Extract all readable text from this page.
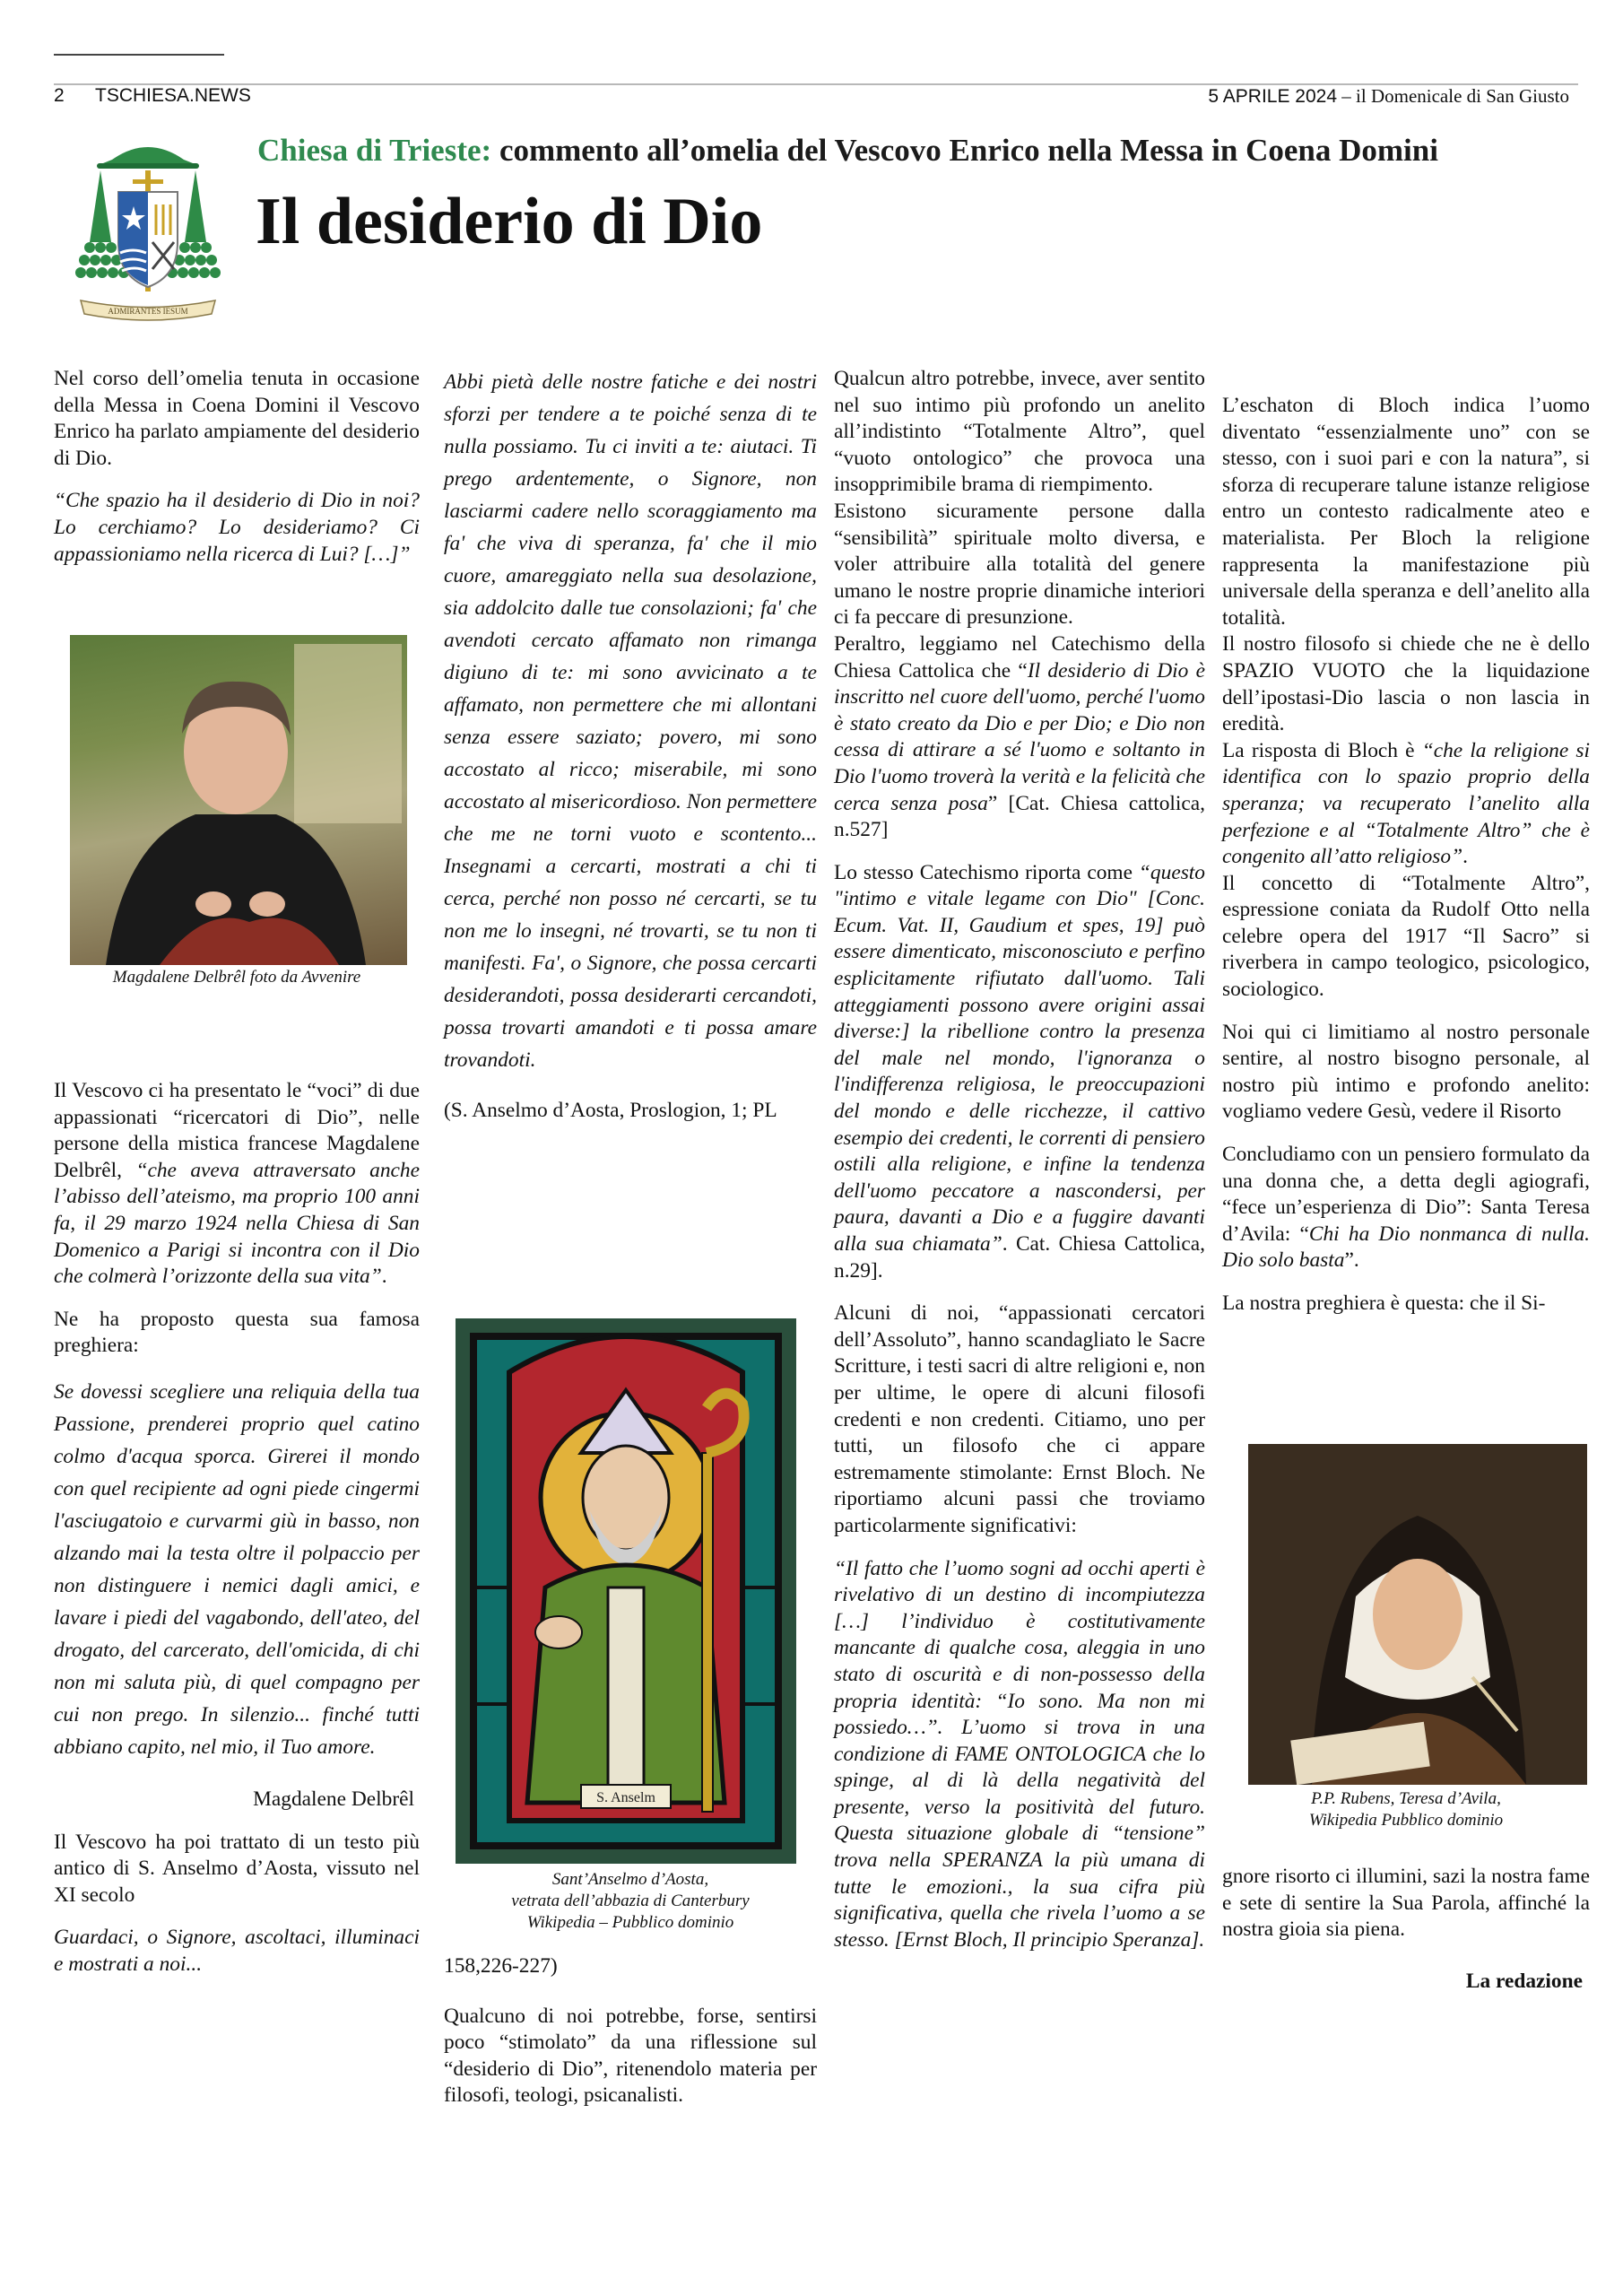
2 TSCHIESA.NEWS	5 APRILE 2024 – il Domenicale di San Giusto
ADMIRANTES IESUM
Chiesa di Trieste: commento all’omelia del Vescovo Enrico nella Messa in Coena Domini
Il desiderio di Dio

Nel corso dell’omelia tenuta in occasione della Messa in Coena Domini il Vescovo Enrico ha parlato ampiamente del desiderio di Dio.

“Che spazio ha il desiderio di Dio in noi? Lo cerchiamo? Lo desideriamo? Ci appassioniamo nella ricerca di Lui? […]”

Magdalene Delbrêl foto da Avvenire

Il Vescovo ci ha presentato le “voci” di due appassionati “ricercatori di Dio”, nelle persone della mistica francese Magdalene Delbrêl, “che aveva attraversato anche l’abisso dell’ateismo, ma proprio 100 anni fa, il 29 marzo 1924 nella Chiesa di San Domenico a Parigi si incontra con il Dio che colmerà l’orizzonte della sua vita”.

Ne ha proposto questa sua famosa preghiera:

Se dovessi scegliere una reliquia della tua Passione, prenderei proprio quel catino colmo d'acqua sporca. Girerei il mondo con quel recipiente ad ogni piede cingermi l'asciugatoio e curvarmi giù in basso, non alzando mai la testa oltre il polpaccio per non distinguere i nemici dagli amici, e lavare i piedi del vagabondo, dell'ateo, del drogato, del carcerato, dell'omicida, di chi non mi saluta più, di quel compagno per cui non prego. In silenzio... finché tutti abbiano capito, nel mio, il Tuo amore.

Magdalene Delbrêl

Il Vescovo ha poi trattato di un testo più antico di S. Anselmo d’Aosta, vissuto nel XI secolo

Guardaci, o Signore, ascoltaci, illuminaci e mostrati a noi...

Abbi pietà delle nostre fatiche e dei nostri sforzi per tendere a te poiché senza di te nulla possiamo. Tu ci inviti a te: aiutaci. Ti prego ardentemente, o Signore, non lasciarmi cadere nello scoraggiamento ma fa' che viva di speranza, fa' che il mio cuore, amareggiato nella sua desolazione, sia addolcito dalle tue consolazioni; fa' che avendoti cercato affamato non rimanga digiuno di te: mi sono avvicinato a te affamato, non permettere che mi allontani senza essere saziato; povero, mi sono accostato al ricco; miserabile, mi sono accostato al misericordioso. Non permettere che me ne torni vuoto e scontento... Insegnami a cercarti, mostrati a chi ti cerca, perché non posso né cercarti, se tu non me lo insegni, né trovarti, se tu non ti manifesti. Fa', o Signore, che possa cercarti desiderandoti, possa desiderarti cercandoti, possa trovarti amandoti e ti possa amare trovandoti.

(S. Anselmo d’Aosta, Proslogion, 1; PL

S. Anselm
Sant’Anselmo d’Aosta,
vetrata dell’abbazia di Canterbury
Wikipedia – Pubblico dominio

158,226-227)

Qualcuno di noi potrebbe, forse, sentirsi poco “stimolato” da una riflessione sul “desiderio di Dio”, ritenendolo materia per filosofi, teologi, psicanalisti.

Qualcun altro potrebbe, invece, aver sentito nel suo intimo più profondo un anelito all’indistinto “Totalmente Altro”, quel “vuoto ontologico” che provoca una insopprimibile brama di riempimento.

Esistono sicuramente persone dalla “sensibilità” spirituale molto diversa, e voler attribuire alla totalità del genere umano le nostre proprie dinamiche interiori ci fa peccare di presunzione.

Peraltro, leggiamo nel Catechismo della Chiesa Cattolica che “Il desiderio di Dio è inscritto nel cuore dell'uomo, perché l'uomo è stato creato da Dio e per Dio; e Dio non cessa di attirare a sé l'uomo e soltanto in Dio l'uomo troverà la verità e la felicità che cerca senza posa” [Cat. Chiesa cattolica, n.527]

Lo stesso Catechismo riporta come “questo "intimo e vitale legame con Dio" [Conc. Ecum. Vat. II, Gaudium et spes, 19] può essere dimenticato, misconosciuto e perfino esplicitamente rifiutato dall'uomo. Tali atteggiamenti possono avere origini assai diverse:] la ribellione contro la presenza del male nel mondo, l'ignoranza o l'indifferenza religiosa, le preoccupazioni del mondo e delle ricchezze, il cattivo esempio dei credenti, le correnti di pensiero ostili alla religione, e infine la tendenza dell'uomo peccatore a nascondersi, per paura, davanti a Dio e a fuggire davanti alla sua chiamata”. Cat. Chiesa Cattolica, n.29].

Alcuni di noi, “appassionati cercatori dell’Assoluto”, hanno scandagliato le Sacre Scritture, i testi sacri di altre religioni e, non per ultime, le opere di alcuni filosofi credenti e non credenti. Citiamo, uno per tutti, un filosofo che ci appare estremamente stimolante: Ernst Bloch. Ne riportiamo alcuni passi che troviamo particolarmente significativi:

“Il fatto che l’uomo sogni ad occhi aperti è rivelativo di un destino di incompiutezza […] l’individuo è costitutivamente mancante di qualche cosa, aleggia in uno stato di oscurità e di non-possesso della propria identità: “Io sono. Ma non mi possiedo…”. L’uomo si trova in una condizione di FAME ONTOLOGICA che lo spinge, al di là della negatività del presente, verso la positività del futuro. Questa situazione globale di “tensione” trova nella SPERANZA la più umana di tutte le emozioni., la sua cifra più significativa, quella che rivela l’uomo a se stesso. [Ernst Bloch, Il principio Speranza].

L’eschaton di Bloch indica l’uomo diventato “essenzialmente uno” con se stesso, con i suoi pari e con la natura”, si sforza di recuperare talune istanze religiose entro un contesto radicalmente ateo e materialista. Per Bloch la religione rappresenta la manifestazione più universale della speranza e dell’anelito alla totalità.

Il nostro filosofo si chiede che ne è dello SPAZIO VUOTO che la liquidazione dell’ipostasi-Dio lascia o non lascia in eredità.

La risposta di Bloch è “che la religione si identifica con lo spazio proprio della speranza; va recuperato l’anelito alla perfezione e al “Totalmente Altro” che è congenito all’atto religioso”.

Il concetto di “Totalmente Altro”, espressione coniata da Rudolf Otto nella celebre opera del 1917 “Il Sacro” si riverbera in campo teologico, psicologico, sociologico.

Noi qui ci limitiamo al nostro personale sentire, al nostro bisogno personale, al nostro più intimo e profondo anelito: vogliamo vedere Gesù, vedere il Risorto

Concludiamo con un pensiero formulato da una donna che, a detta degli agiografi, “fece un’esperienza di Dio”: Santa Teresa d’Avila: “Chi ha Dio nonmanca di nulla. Dio solo basta”.

La nostra preghiera è questa: che il Si-

P.P. Rubens, Teresa d’Avila,
Wikipedia Pubblico dominio

gnore risorto ci illumini, sazi la nostra fame e sete di sentire la Sua Parola, affinché la nostra gioia sia piena.

La redazione
